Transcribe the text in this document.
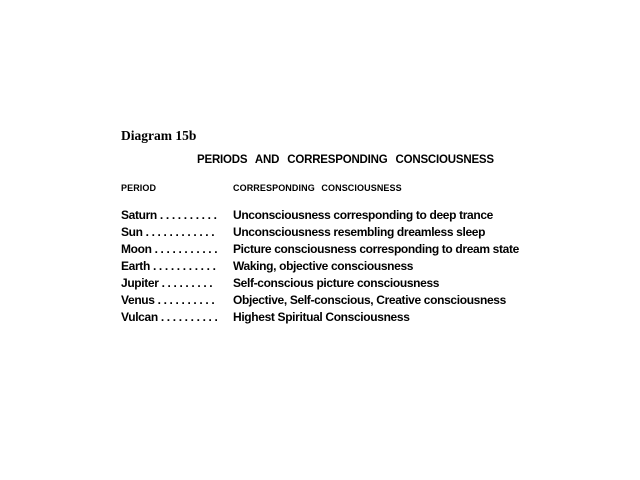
Diagram 15b
PERIODS AND CORRESPONDING CONSCIOUSNESS
PERIOD	CORRESPONDING CONSCIOUSNESS
Saturn . . . . . . . . . .	Unconsciousness corresponding to deep trance
Sun . . . . . . . . . . . .	Unconsciousness resembling dreamless sleep
Moon . . . . . . . . . . .	Picture consciousness corresponding to dream state
Earth . . . . . . . . . . .	Waking, objective consciousness
Jupiter . . . . . . . . .	Self-conscious picture consciousness
Venus . . . . . . . . . .	Objective, Self-conscious, Creative consciousness
Vulcan . . . . . . . . . .	Highest Spiritual Consciousness
